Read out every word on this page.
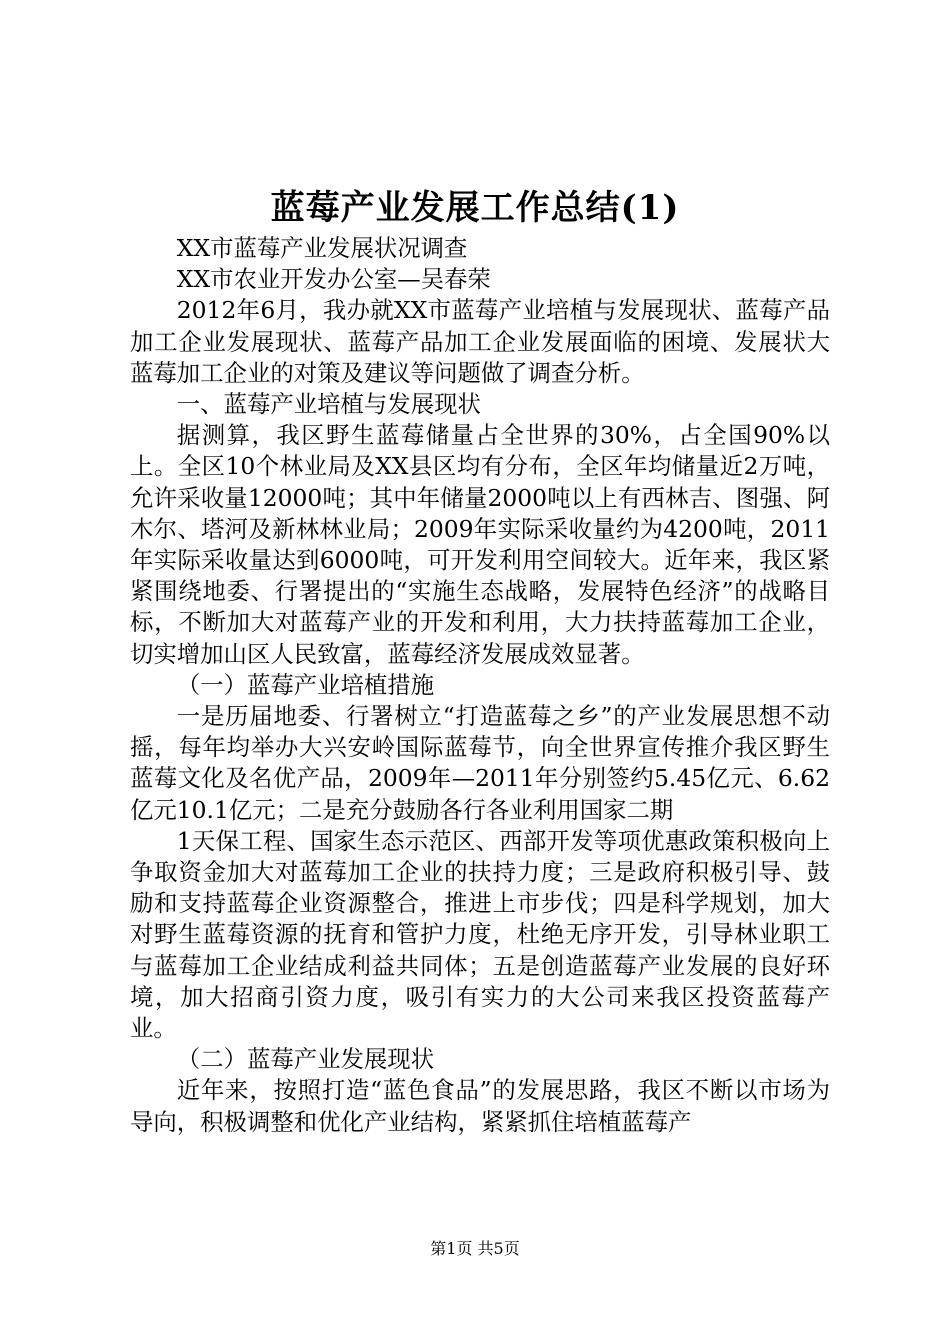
蓝莓产业发展工作总结(1)

XX市蓝莓产业发展状况调查

XX市农业开发办公室—吴春荣

2012年6月，我办就XX市蓝莓产业培植与发展现状、蓝莓产品加工企业发展现状、蓝莓产品加工企业发展面临的困境、发展状大蓝莓加工企业的对策及建议等问题做了调查分析。

一、蓝莓产业培植与发展现状

据测算，我区野生蓝莓储量占全世界的30%，占全国90%以上。全区10个林业局及XX县区均有分布，全区年均储量近2万吨，允许采收量12000吨；其中年储量2000吨以上有西林吉、图强、阿木尔、塔河及新林林业局；2009年实际采收量约为4200吨，2011年实际采收量达到6000吨，可开发利用空间较大。近年来，我区紧紧围绕地委、行署提出的“实施生态战略，发展特色经济”的战略目标，不断加大对蓝莓产业的开发和利用，大力扶持蓝莓加工企业，切实增加山区人民致富，蓝莓经济发展成效显著。

（一）蓝莓产业培植措施

一是历届地委、行署树立“打造蓝莓之乡”的产业发展思想不动摇，每年均举办大兴安岭国际蓝莓节，向全世界宣传推介我区野生蓝莓文化及名优产品，2009年—2011年分别签约5.45亿元、6.62亿元10.1亿元；二是充分鼓励各行各业利用国家二期

1天保工程、国家生态示范区、西部开发等项优惠政策积极向上争取资金加大对蓝莓加工企业的扶持力度；三是政府积极引导、鼓励和支持蓝莓企业资源整合，推进上市步伐；四是科学规划，加大对野生蓝莓资源的抚育和管护力度，杜绝无序开发，引导林业职工与蓝莓加工企业结成利益共同体；五是创造蓝莓产业发展的良好环境，加大招商引资力度，吸引有实力的大公司来我区投资蓝莓产业。

（二）蓝莓产业发展现状

近年来，按照打造“蓝色食品”的发展思路，我区不断以市场为导向，积极调整和优化产业结构，紧紧抓住培植蓝莓产

第1页 共5页
